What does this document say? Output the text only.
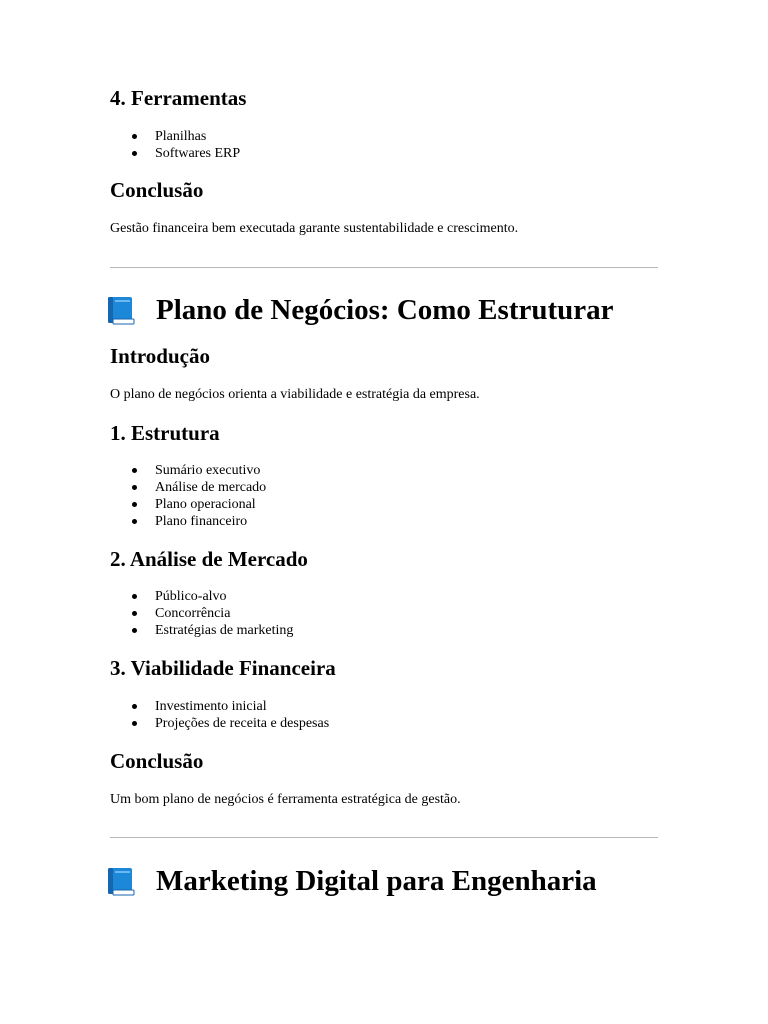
4. Ferramentas
Planilhas
Softwares ERP
Conclusão

Gestão financeira bem executada garante sustentabilidade e crescimento.

Plano de Negócios: Como Estruturar
Introdução

O plano de negócios orienta a viabilidade e estratégia da empresa.

1. Estrutura
Sumário executivo
Análise de mercado
Plano operacional
Plano financeiro
2. Análise de Mercado
Público-alvo
Concorrência
Estratégias de marketing
3. Viabilidade Financeira
Investimento inicial
Projeções de receita e despesas
Conclusão

Um bom plano de negócios é ferramenta estratégica de gestão.

Marketing Digital para Engenharia
